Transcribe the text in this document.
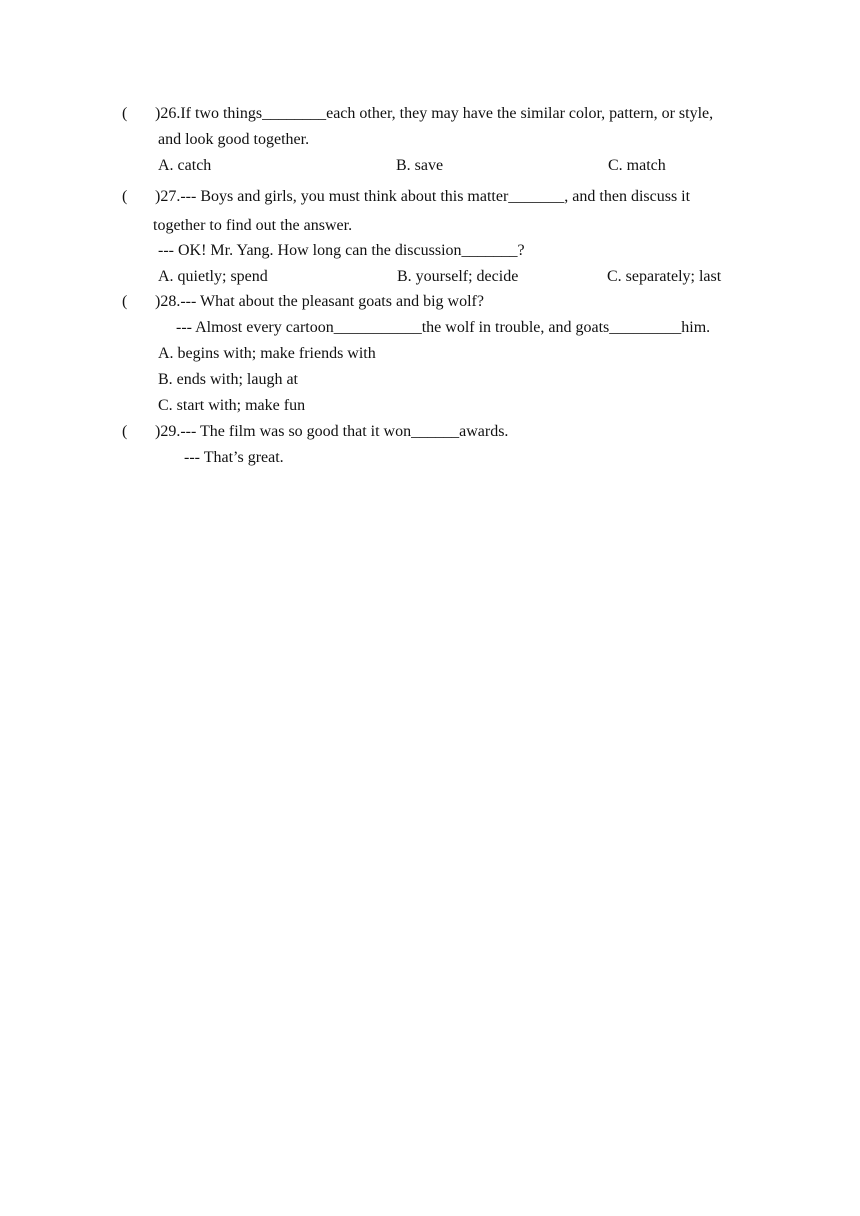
( )26.If two things________each other, they may have the similar color, pattern, or style,
and look good together.
A. catch	B. save	C. match
( )27.--- Boys and girls, you must think about this matter_______, and then discuss it
together to find out the answer.
--- OK! Mr. Yang. How long can the discussion_______?
A. quietly; spend	B. yourself; decide	C. separately; last
( )28.--- What about the pleasant goats and big wolf?
--- Almost every cartoon___________the wolf in trouble, and goats_________him.
A. begins with; make friends with
B. ends with; laugh at
C. start with; make fun
( )29.--- The film was so good that it won______awards.
--- That’s great.
